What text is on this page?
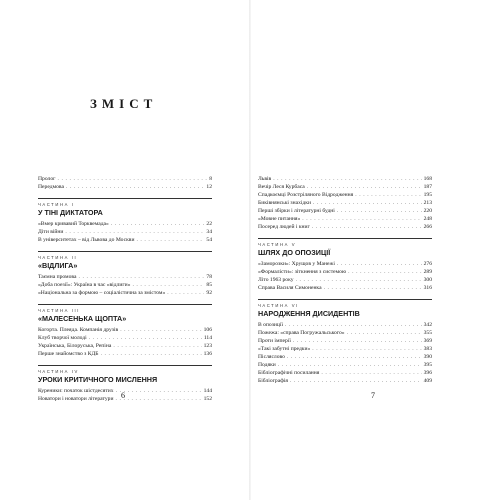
ЗМІСТ
Пролог . . .	8
Передмова . . .	12
ЧАСТИНА I
У ТІНІ ДИКТАТОРА
«Вмер кривавий Торквемада» . . .	22
Діти війни . . .	34
В університетах – від Львова до Москви . . .	54
ЧАСТИНА II
«ВІДЛИГА»
Таємна промова . . .	78
«Доба поезії»: Україна в час «відлиги» . . .	85
«Національна за формою – соціалістична за змістом» . . .	92
ЧАСТИНА III
«МАЛЕСЕНЬКА ЩОПТА»
Когорта. Плеяда. Компанія друзів . . .	106
Клуб творчої молоді . . .	114
Українська, Білоруська, Репіна . . .	123
Перше знайомство з КДБ . . .	136
ЧАСТИНА IV
УРОКИ КРИТИЧНОГО МИСЛЕННЯ
Куреники: початок шістдесятих . . .	144
Новатори і новатори літератури . . .	152
6
Львів . . .	168
Вечір Леся Курбаса . . .	187
Спадкоємці Розстріляного Відродження . . .	195
Бикiвнянські знахідки . . .	213
Перші збірки і літературні будні . . .	220
«Мовне питання» . . .	248
Посеред людей і книг . . .	266
ЧАСТИНА V
ШЛЯХ ДО ОПОЗИЦІЇ
«Заморозки»: Хрущов у Манежі . . .	276
«Формалісти»: зіткнення з системою . . .	289
Літо 1963 року . . .	300
Справа Василя Симоненка . . .	316
ЧАСТИНА VI
НАРОДЖЕННЯ ДИСИДЕНТІВ
В опозиції . . .	342
Пожежа: «справа Погружальського» . . .	355
Проти імперії . . .	369
«Такі забутні предки» . . .	383
Післяслово . . .	390
Подяки . . .	395
Бібліографічні посилання . . .	396
Бібліографія . . .	409
7
